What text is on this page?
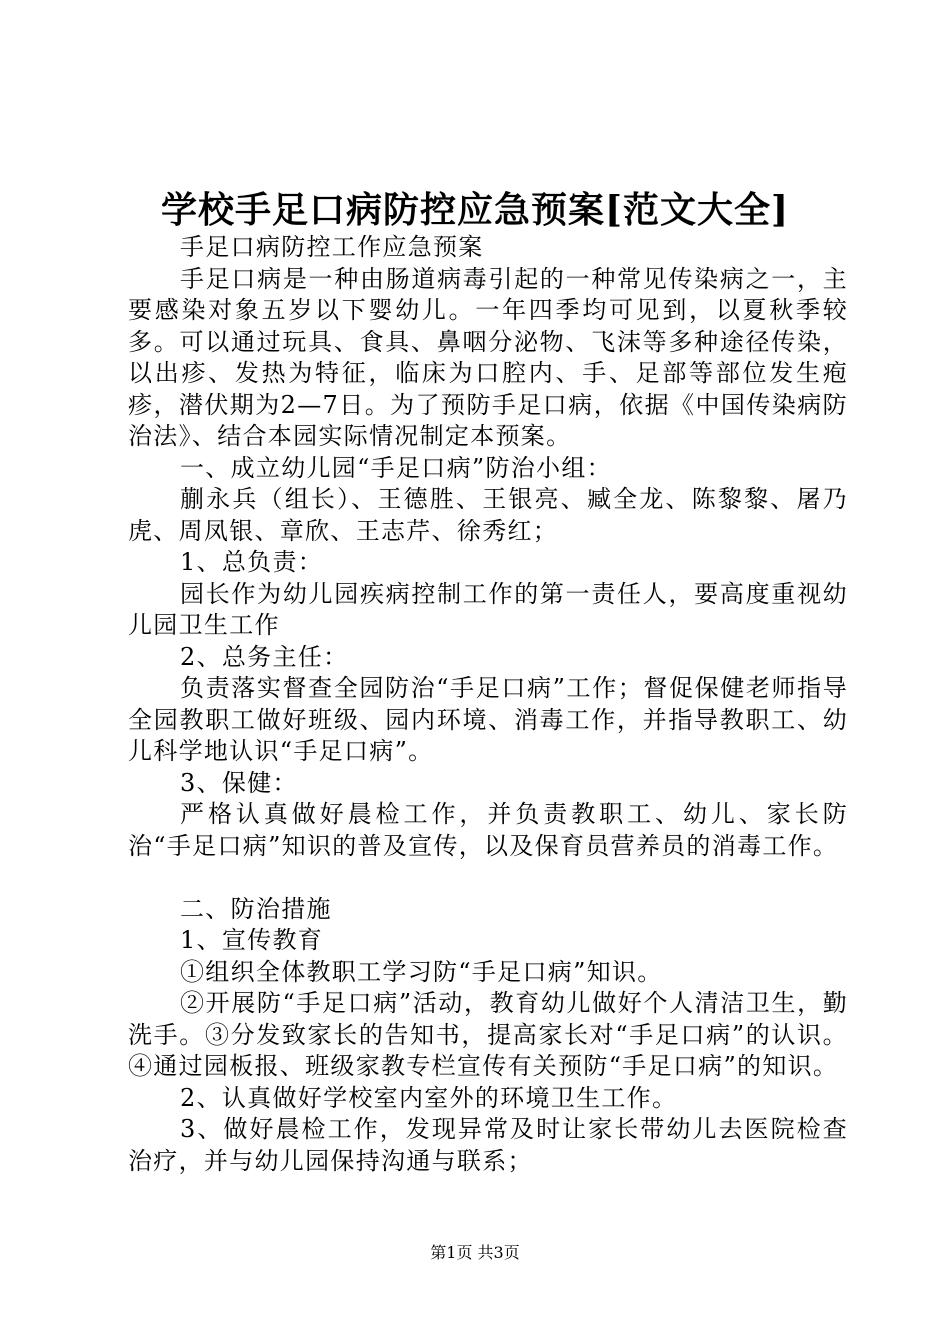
学校手足口病防控应急预案[范文大全]

手足口病防控工作应急预案

手足口病是一种由肠道病毒引起的一种常见传染病之一，主要感染对象五岁以下婴幼儿。一年四季均可见到，以夏秋季较多。可以通过玩具、食具、鼻咽分泌物、飞沫等多种途径传染，以出疹、发热为特征，临床为口腔内、手、足部等部位发生疱疹，潜伏期为2—7日。为了预防手足口病，依据《中国传染病防治法》、结合本园实际情况制定本预案。

一、成立幼儿园“手足口病”防治小组：

蒯永兵（组长）、王德胜、王银亮、臧全龙、陈黎黎、屠乃虎、周凤银、章欣、王志芹、徐秀红；

1、总负责：

园长作为幼儿园疾病控制工作的第一责任人，要高度重视幼儿园卫生工作

2、总务主任：

负责落实督查全园防治“手足口病”工作；督促保健老师指导全园教职工做好班级、园内环境、消毒工作，并指导教职工、幼儿科学地认识“手足口病”。

3、保健：

严格认真做好晨检工作，并负责教职工、幼儿、家长防治“手足口病”知识的普及宣传，以及保育员营养员的消毒工作。

二、防治措施

1、宣传教育

①组织全体教职工学习防“手足口病”知识。

②开展防“手足口病”活动，教育幼儿做好个人清洁卫生，勤洗手。③分发致家长的告知书，提高家长对“手足口病”的认识。④通过园板报、班级家教专栏宣传有关预防“手足口病”的知识。

2、认真做好学校室内室外的环境卫生工作。

3、做好晨检工作，发现异常及时让家长带幼儿去医院检查治疗，并与幼儿园保持沟通与联系；

第1页 共3页
